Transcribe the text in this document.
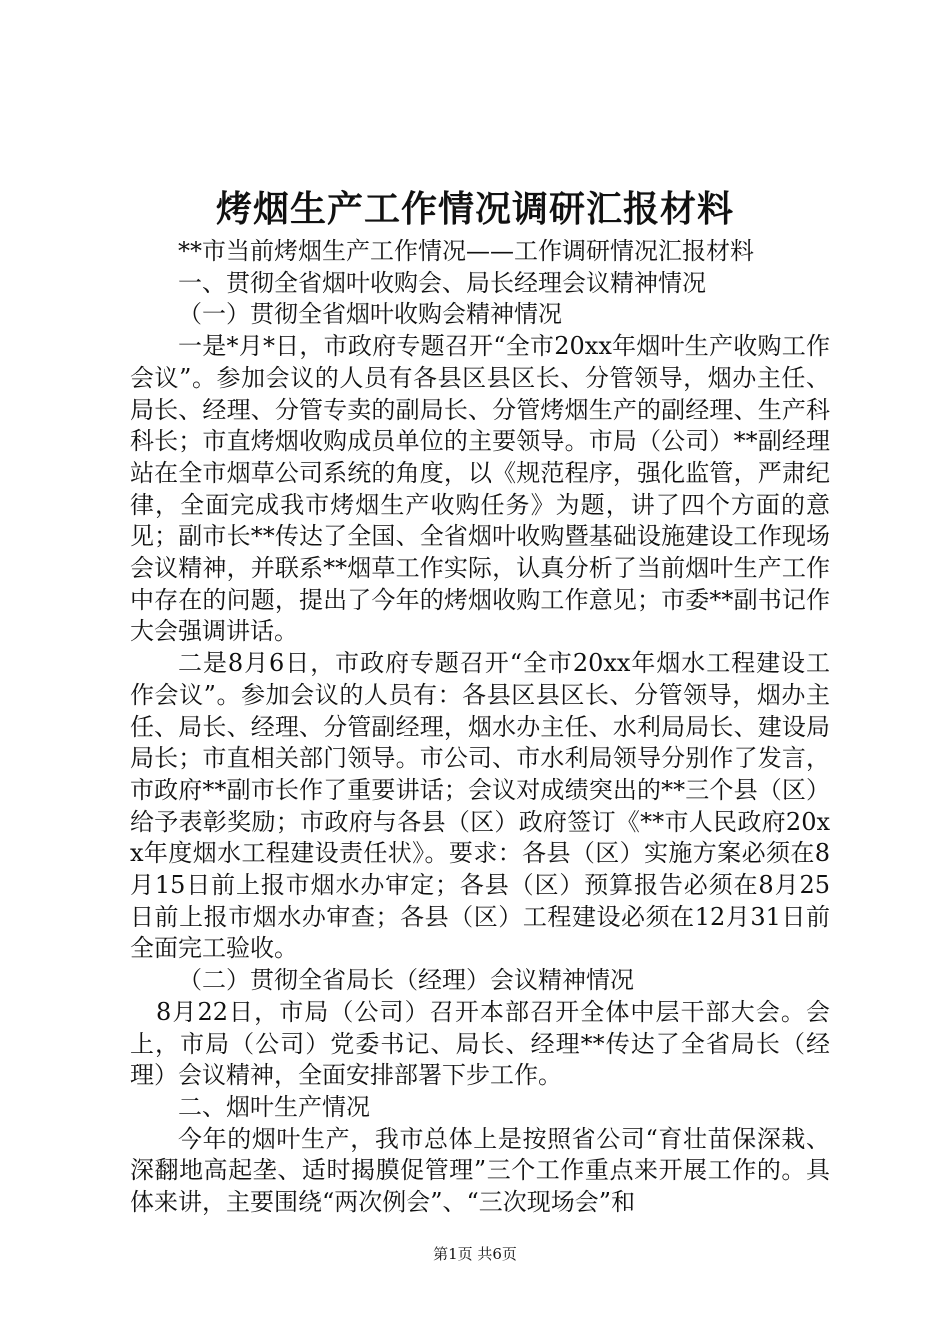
烤烟生产工作情况调研汇报材料

**市当前烤烟生产工作情况——工作调研情况汇报材料

一、贯彻全省烟叶收购会、局长经理会议精神情况

（一）贯彻全省烟叶收购会精神情况

一是*月*日，市政府专题召开“全市20xx年烟叶生产收购工作会议”。参加会议的人员有各县区县区长、分管领导，烟办主任、局长、经理、分管专卖的副局长、分管烤烟生产的副经理、生产科科长；市直烤烟收购成员单位的主要领导。市局（公司）**副经理站在全市烟草公司系统的角度，以《规范程序，强化监管，严肃纪律，全面完成我市烤烟生产收购任务》为题，讲了四个方面的意见；副市长**传达了全国、全省烟叶收购暨基础设施建设工作现场会议精神，并联系**烟草工作实际，认真分析了当前烟叶生产工作中存在的问题，提出了今年的烤烟收购工作意见；市委**副书记作大会强调讲话。

二是8月6日，市政府专题召开“全市20xx年烟水工程建设工作会议”。参加会议的人员有：各县区县区长、分管领导，烟办主任、局长、经理、分管副经理，烟水办主任、水利局局长、建设局局长；市直相关部门领导。市公司、市水利局领导分别作了发言，市政府**副市长作了重要讲话；会议对成绩突出的**三个县（区）给予表彰奖励；市政府与各县（区）政府签订《**市人民政府20xx年度烟水工程建设责任状》。要求：各县（区）实施方案必须在8月15日前上报市烟水办审定；各县（区）预算报告必须在8月25日前上报市烟水办审查；各县（区）工程建设必须在12月31日前全面完工验收。

（二）贯彻全省局长（经理）会议精神情况

8月22日，市局（公司）召开本部召开全体中层干部大会。会上，市局（公司）党委书记、局长、经理**传达了全省局长（经理）会议精神，全面安排部署下步工作。

二、烟叶生产情况

今年的烟叶生产，我市总体上是按照省公司“育壮苗保深栽、深翻地高起垄、适时揭膜促管理”三个工作重点来开展工作的。具体来讲，主要围绕“两次例会”、“三次现场会”和

第1页 共6页
